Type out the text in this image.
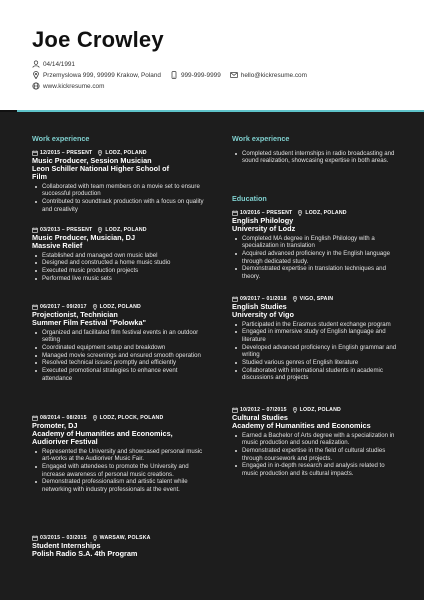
Joe Crowley
04/14/1991
Przemyslowa 999, 99999 Krakow, Poland	999-999-9999	hello@kickresume.com
www.kickresume.com
Work experience
12/2015 – PRESENT	LODZ, POLAND
Music Producer, Session Musician
Leon Schiller National Higher School of
Film
Collaborated with team members on a movie set to ensure successful production
Contributed to soundtrack production with a focus on quality and creativity
03/2013 – PRESENT	LODZ, POLAND
Music Producer, Musician, DJ
Massive Relief
Established and managed own music label
Designed and constructed a home music studio
Executed music production projects
Performed live music sets
06/2017 – 09/2017	LODZ, POLAND
Projectionist, Technician
Summer Film Festival "Polowka"
Organized and facilitated film festival events in an outdoor setting
Coordinated equipment setup and breakdown
Managed movie screenings and ensured smooth operation
Resolved technical issues promptly and efficiently
Executed promotional strategies to enhance event attendance
08/2014 – 08/2015	LODZ, PLOCK, POLAND
Promoter, DJ
Academy of Humanities and Economics,
Audioriver Festival
Represented the University and showcased personal music art-works at the Audioriver Music Fair.
Engaged with attendees to promote the University and increase awareness of personal music creations.
Demonstrated professionalism and artistic talent while networking with industry professionals at the event.
03/2015 – 03/2015	WARSAW, POLSKA
Student Internships
Polish Radio S.A. 4th Program
Work experience
Completed student internships in radio broadcasting and sound realization, showcasing expertise in both areas.
Education
10/2016 – PRESENT	LODZ, POLAND
English Philology
University of Lodz
Completed MA degree in English Philology with a specialization in translation
Acquired advanced proficiency in the English language through dedicated study.
Demonstrated expertise in translation techniques and theory.
09/2017 – 01/2018	VIGO, SPAIN
English Studies
University of Vigo
Participated in the Erasmus student exchange program
Engaged in immersive study of English language and literature
Developed advanced proficiency in English grammar and writing
Studied various genres of English literature
Collaborated with international students in academic discussions and projects
10/2012 – 07/2015	LODZ, POLAND
Cultural Studies
Academy of Humanities and Economics
Earned a Bachelor of Arts degree with a specialization in music production and sound realization.
Demonstrated expertise in the field of cultural studies through coursework and projects.
Engaged in in-depth research and analysis related to music production and its cultural impacts.
